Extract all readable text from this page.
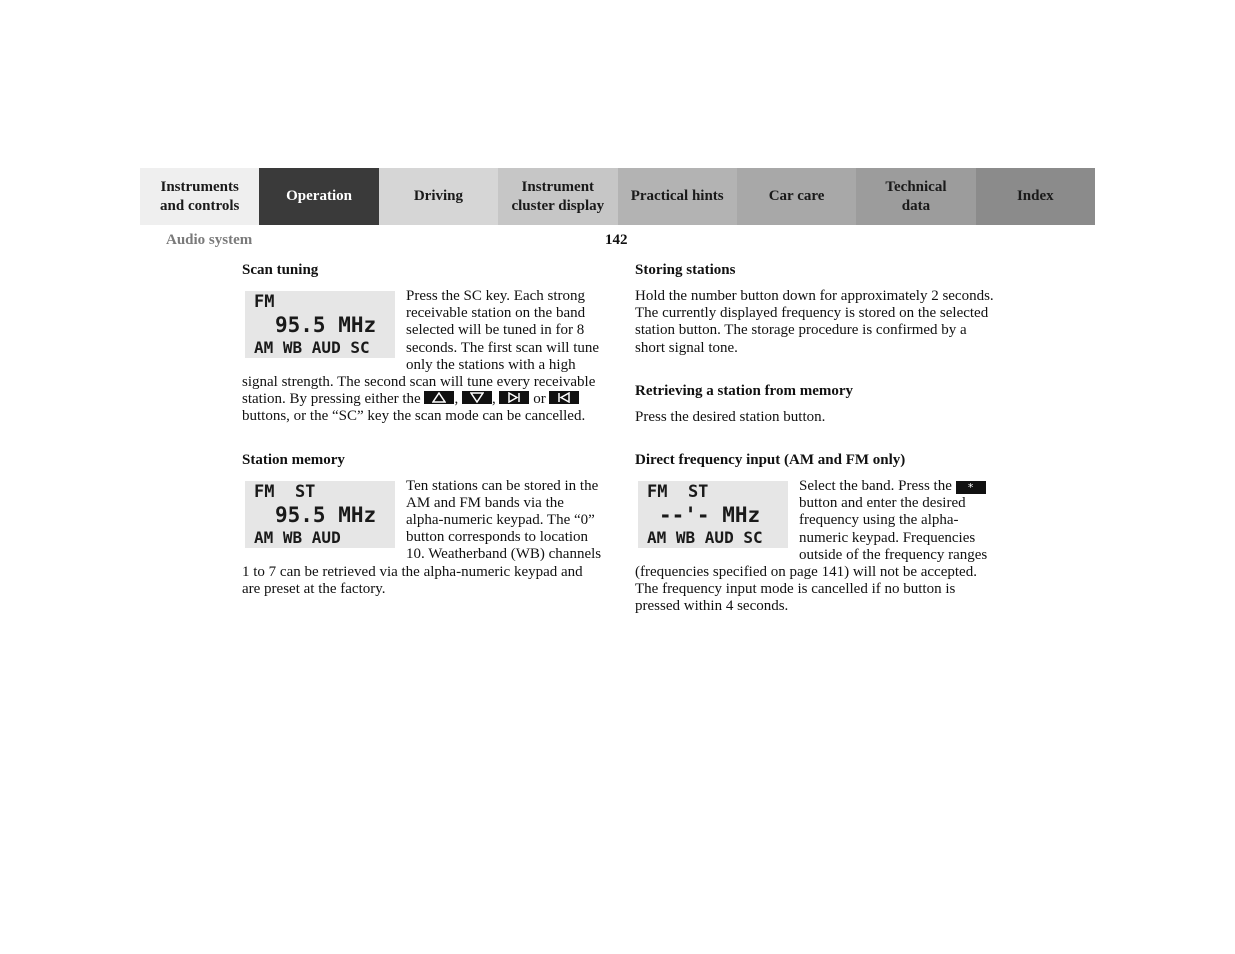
Instruments
and controls
Operation	Driving
Instrument
cluster display
Practical hints	Car care
Technical
data
Index
Audio system	142
Scan tuning
FM
95.5 MHz
AM WB AUD SC

Press the SC key. Each strong receivable station on the band selected will be tuned in for 8 seconds. The first scan will tune only the stations with a high signal strength. The second scan will tune every receivable station. By pressing either the ,
,
or
buttons, or the “SC” key the scan mode can be cancelled.

Station memory
FM  ST
95.5 MHz
AM WB AUD

Ten stations can be stored in the AM and FM bands via the alpha-numeric keypad. The “0” button corresponds to location 10. Weatherband (WB) channels 1 to 7 can be retrieved via the alpha-numeric keypad and are preset at the factory.

Storing stations

Hold the number button down for approximately 2 seconds. The currently displayed frequency is stored on the selected station button. The storage procedure is confirmed by a short signal tone.

Retrieving a station from memory

Press the desired station button.

Direct frequency input (AM and FM only)
FM  ST
--'- MHz
AM WB AUD SC

Select the band. Press the * button and enter the desired frequency using the alpha-numeric keypad. Frequencies outside of the frequency ranges (frequencies specified on page 141) will not be accepted. The frequency input mode is cancelled if no button is pressed within 4 seconds.
